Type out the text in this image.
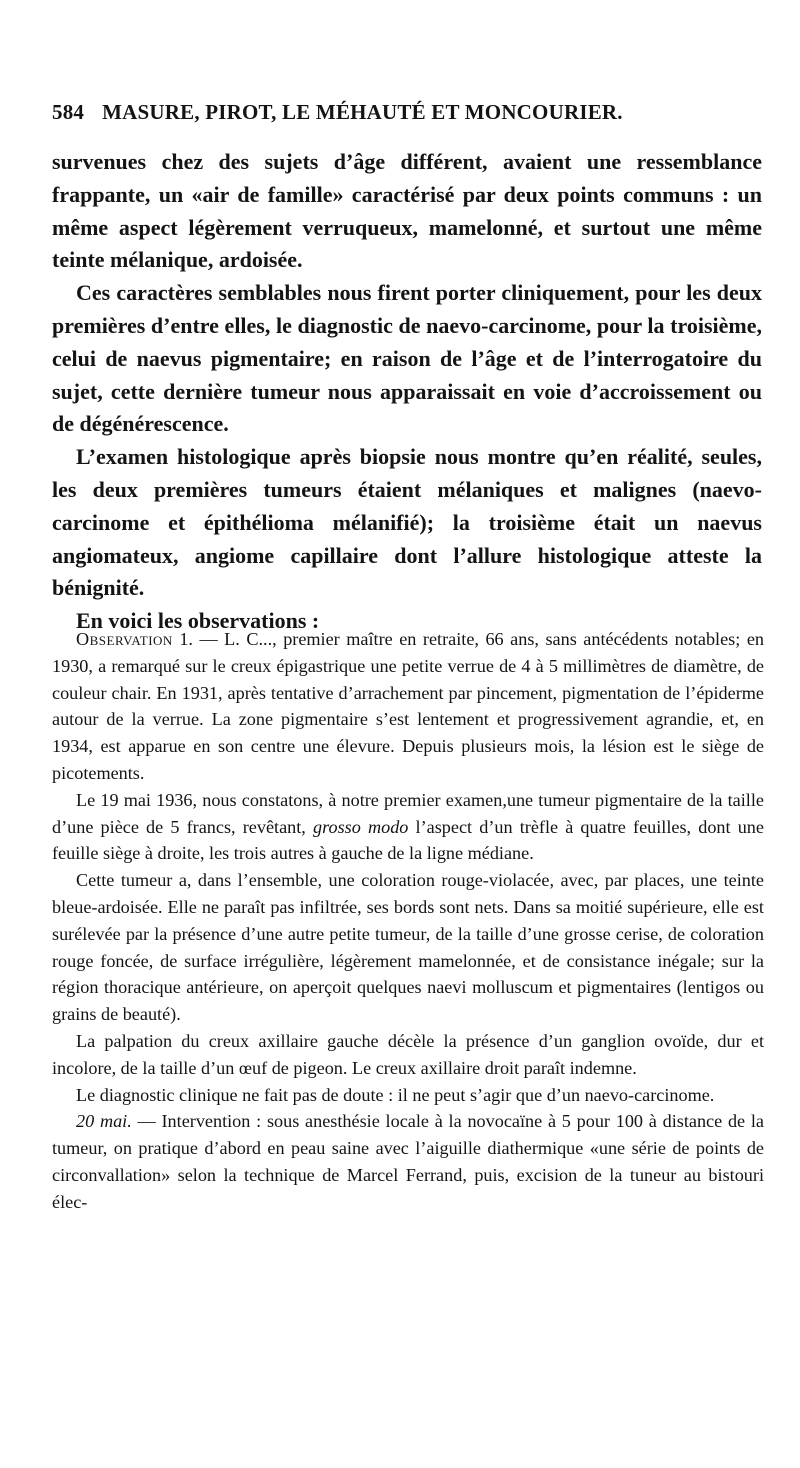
584 MASURE, PIROT, LE MÉHAUTÉ ET MONCOURIER.

survenues chez des sujets d’âge différent, avaient une ressemblance frappante, un «air de famille» caractérisé par deux points communs : un même aspect légèrement verruqueux, mamelonné, et surtout une même teinte mélanique, ardoisée.

Ces caractères semblables nous firent porter cliniquement, pour les deux premières d’entre elles, le diagnostic de naevo-carcinome, pour la troisième, celui de naevus pigmentaire; en raison de l’âge et de l’interrogatoire du sujet, cette dernière tumeur nous apparaissait en voie d’accroissement ou de dégénérescence.

L’examen histologique après biopsie nous montre qu’en réalité, seules, les deux premières tumeurs étaient mélaniques et malignes (naevo-carcinome et épithélioma mélanifié); la troisième était un naevus angiomateux, angiome capillaire dont l’allure histologique atteste la bénignité.

En voici les observations :

Observation 1. — L. C..., premier maître en retraite, 66 ans, sans antécédents notables; en 1930, a remarqué sur le creux épigastrique une petite verrue de 4 à 5 millimètres de diamètre, de couleur chair. En 1931, après tentative d’arrachement par pincement, pigmentation de l’épiderme autour de la verrue. La zone pigmentaire s’est lentement et progressivement agrandie, et, en 1934, est apparue en son centre une élevure. Depuis plusieurs mois, la lésion est le siège de picotements.

Le 19 mai 1936, nous constatons, à notre premier examen,une tumeur pigmentaire de la taille d’une pièce de 5 francs, revêtant, grosso modo l’aspect d’un trèfle à quatre feuilles, dont une feuille siège à droite, les trois autres à gauche de la ligne médiane.

Cette tumeur a, dans l’ensemble, une coloration rouge-violacée, avec, par places, une teinte bleue-ardoisée. Elle ne paraît pas infiltrée, ses bords sont nets. Dans sa moitié supérieure, elle est surélevée par la présence d’une autre petite tumeur, de la taille d’une grosse cerise, de coloration rouge foncée, de surface irrégulière, légèrement mamelonnée, et de consistance inégale; sur la région thoracique antérieure, on aperçoit quelques naevi molluscum et pigmentaires (lentigos ou grains de beauté).

La palpation du creux axillaire gauche décèle la présence d’un ganglion ovoïde, dur et incolore, de la taille d’un œuf de pigeon. Le creux axillaire droit paraît indemne.

Le diagnostic clinique ne fait pas de doute : il ne peut s’agir que d’un naevo-carcinome.

20 mai. — Intervention : sous anesthésie locale à la novocaïne à 5 pour 100 à distance de la tumeur, on pratique d’abord en peau saine avec l’aiguille diathermique «une série de points de circonvallation» selon la technique de Marcel Ferrand, puis, excision de la tuneur au bistouri élec-
